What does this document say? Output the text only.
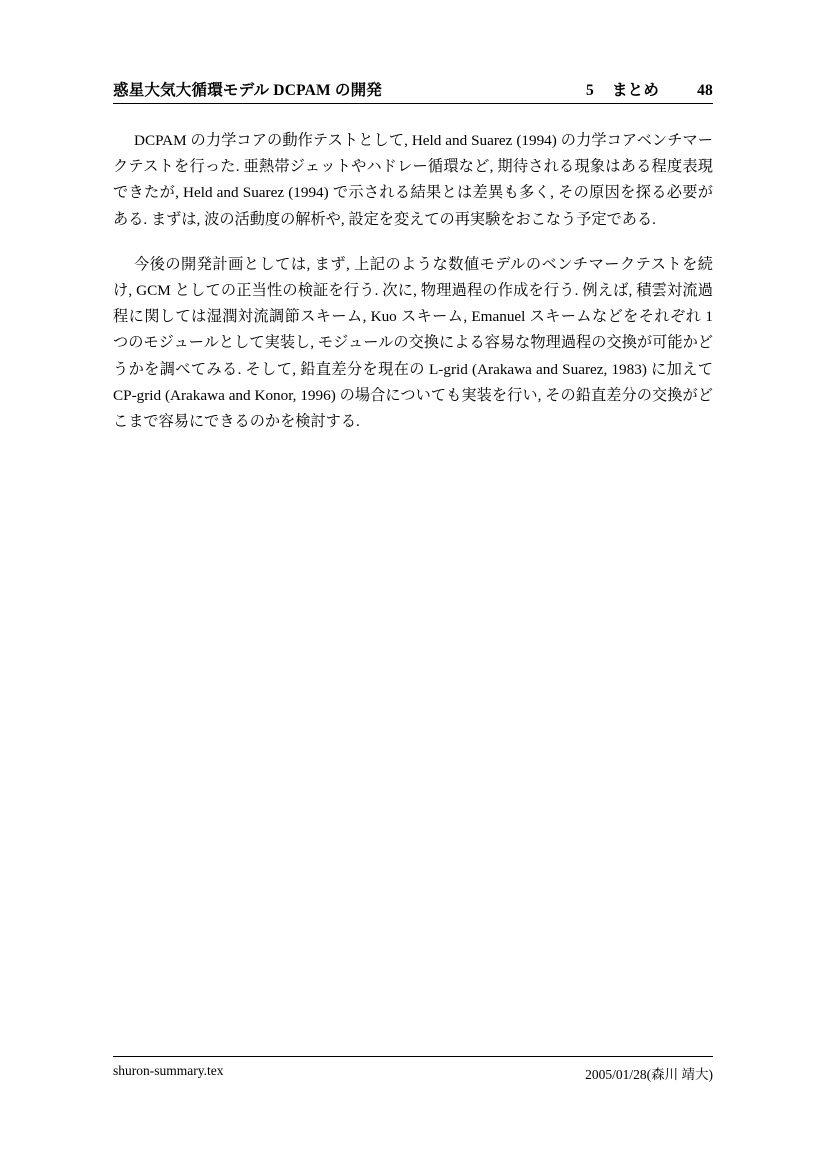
惑星大気大循環モデル DCPAM の開発	5 まとめ 48

DCPAM の力学コアの動作テストとして, Held and Suarez (1994) の力学コアベンチマークテストを行った. 亜熱帯ジェットやハドレー循環など, 期待される現象はある程度表現できたが, Held and Suarez (1994) で示される結果とは差異も多く, その原因を探る必要がある. まずは, 波の活動度の解析や, 設定を変えての再実験をおこなう予定である.

今後の開発計画としては, まず, 上記のような数値モデルのベンチマークテストを続け, GCM としての正当性の検証を行う. 次に, 物理過程の作成を行う. 例えば, 積雲対流過程に関しては湿潤対流調節スキーム, Kuo スキーム, Emanuel スキームなどをそれぞれ 1 つのモジュールとして実装し, モジュールの交換による容易な物理過程の交換が可能かどうかを調べてみる. そして, 鉛直差分を現在の L-grid (Arakawa and Suarez, 1983) に加えて CP-grid (Arakawa and Konor, 1996) の場合についても実装を行い, その鉛直差分の交換がどこまで容易にできるのかを検討する.

shuron-summary.tex	2005/01/28(森川 靖大)
